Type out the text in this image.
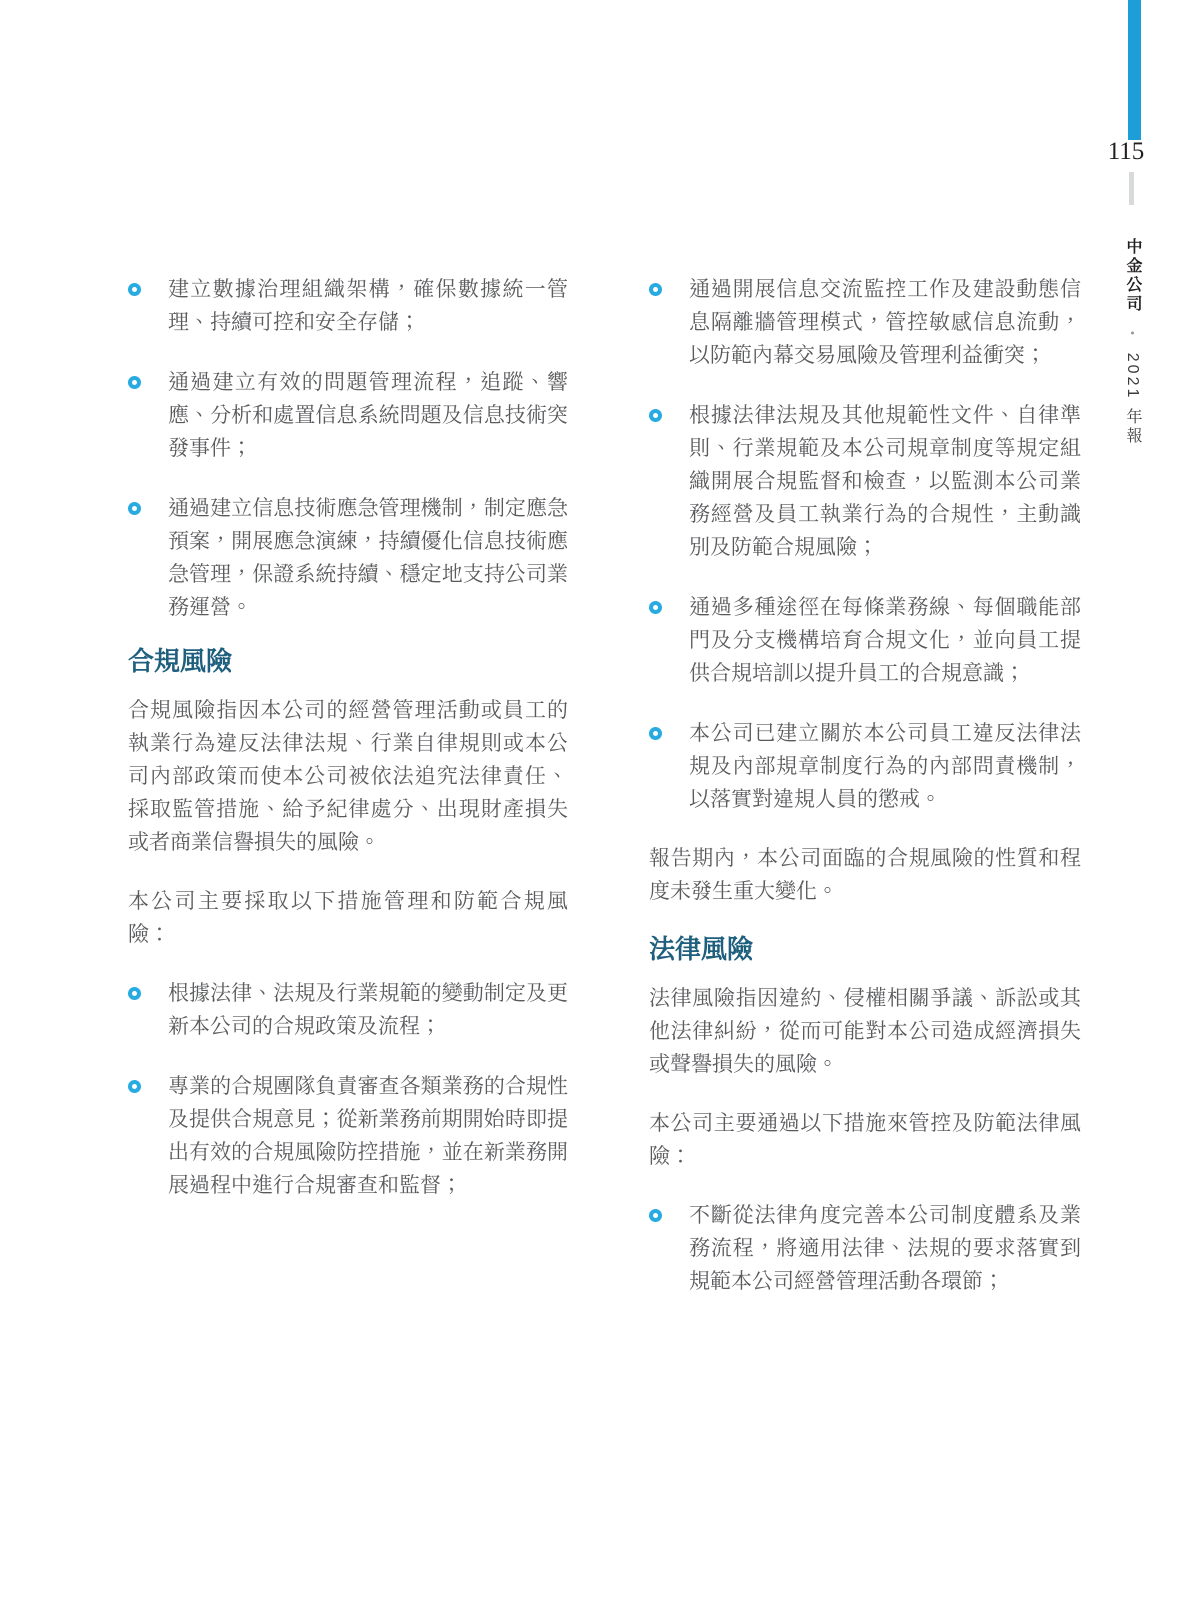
115
中金公司 • 2021 年報
建立數據治理組織架構，確保數據統一管理、持續可控和安全存儲；
通過建立有效的問題管理流程，追蹤、響應、分析和處置信息系統問題及信息技術突發事件；
通過建立信息技術應急管理機制，制定應急預案，開展應急演練，持續優化信息技術應急管理，保證系統持續、穩定地支持公司業務運營。
合規風險

合規風險指因本公司的經營管理活動或員工的執業行為違反法律法規、行業自律規則或本公司內部政策而使本公司被依法追究法律責任、採取監管措施、給予紀律處分、出現財產損失或者商業信譽損失的風險。

本公司主要採取以下措施管理和防範合規風險：

根據法律、法規及行業規範的變動制定及更新本公司的合規政策及流程；
專業的合規團隊負責審查各類業務的合規性及提供合規意見；從新業務前期開始時即提出有效的合規風險防控措施，並在新業務開展過程中進行合規審查和監督；
通過開展信息交流監控工作及建設動態信息隔離牆管理模式，管控敏感信息流動，以防範內幕交易風險及管理利益衝突；
根據法律法規及其他規範性文件、自律準則、行業規範及本公司規章制度等規定組織開展合規監督和檢查，以監測本公司業務經營及員工執業行為的合規性，主動識別及防範合規風險；
通過多種途徑在每條業務線、每個職能部門及分支機構培育合規文化，並向員工提供合規培訓以提升員工的合規意識；
本公司已建立關於本公司員工違反法律法規及內部規章制度行為的內部問責機制，以落實對違規人員的懲戒。

報告期內，本公司面臨的合規風險的性質和程度未發生重大變化。

法律風險

法律風險指因違約、侵權相關爭議、訴訟或其他法律糾紛，從而可能對本公司造成經濟損失或聲譽損失的風險。

本公司主要通過以下措施來管控及防範法律風險：

不斷從法律角度完善本公司制度體系及業務流程，將適用法律、法規的要求落實到規範本公司經營管理活動各環節；
